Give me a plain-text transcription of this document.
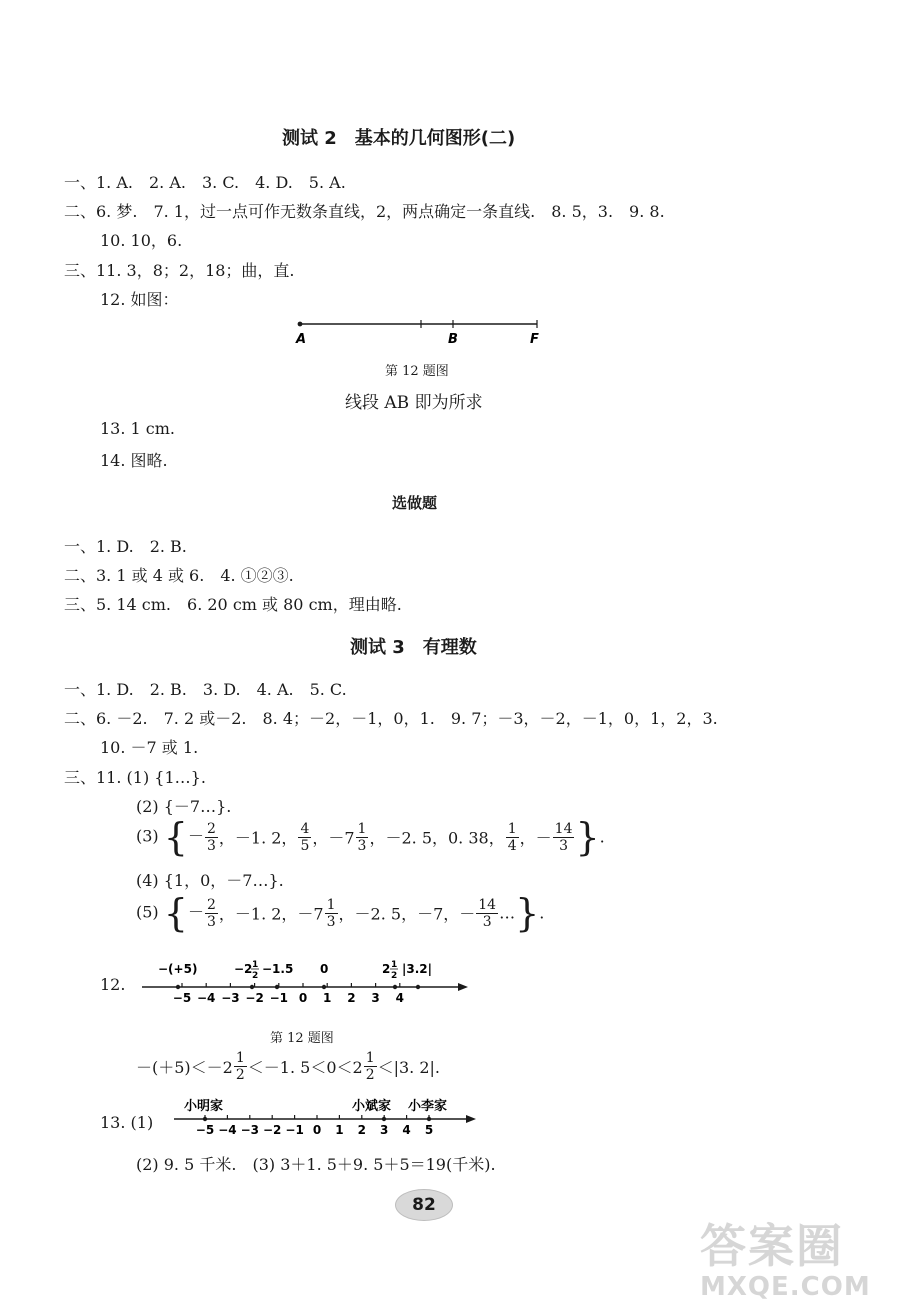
测试 2　基本的几何图形(二)
一、1. A.　2. A.　3. C.　4. D.　5. A.
二、6. 梦.　7. 1，过一点可作无数条直线，2，两点确定一条直线.　8. 5，3.　9. 8.
10. 10，6.
三、11. 3，8；2，18；曲，直.
12. 如图：
A	B	F
第 12 题图
线段 AB 即为所求
13. 1 cm.
14. 图略.
选做题
一、1. D.　2. B.
二、3. 1 或 4 或 6.　4. ①②③.
三、5. 14 cm.　6. 20 cm 或 80 cm，理由略.
测试 3　有理数
一、1. D.　2. B.　3. D.　4. A.　5. C.
二、6. －2.　7. 2 或－2.　8. 4；－2，－1，0，1.　9. 7；－3，－2，－1，0，1，2，3.
10. －7 或 1.
三、11. (1) {1…}.
(2) {－7…}.
(3) {－ $\frac{2}{3}$ ，－1. 2， $\frac{4}{5}$ ，$-7 \frac{1}{3}$ ，－2. 5，0. 38， $\frac{1}{4}$ ，－ $\frac{14}{3}$ }.
(4) {1，0，－7…}.
(5) {－ $\frac{2}{3}$ ，－1. 2，$-7 \frac{1}{3}$ ，－2. 5，－7，－ $\frac{14}{3}$ …}.
12.
−(+5)	−2 1
2 −1.5 0	2 1
2 |3.2|
−5 −4 −3 −2 −1 0 1 2 3 4
第 12 题图
$-(+5)<-2 \frac{1}{2} <-1$. $5<0<2 \frac{1}{2} <|3$. 2|.
13. (1)
小明家	小斌家 小李家
−5 −4 −3 −2 −1 0 1 2 3 4 5
(2) 9. 5 千米.　(3) 3＋1. 5＋9. 5＋5＝19(千米).
82
答案圈
MXQE.COM
